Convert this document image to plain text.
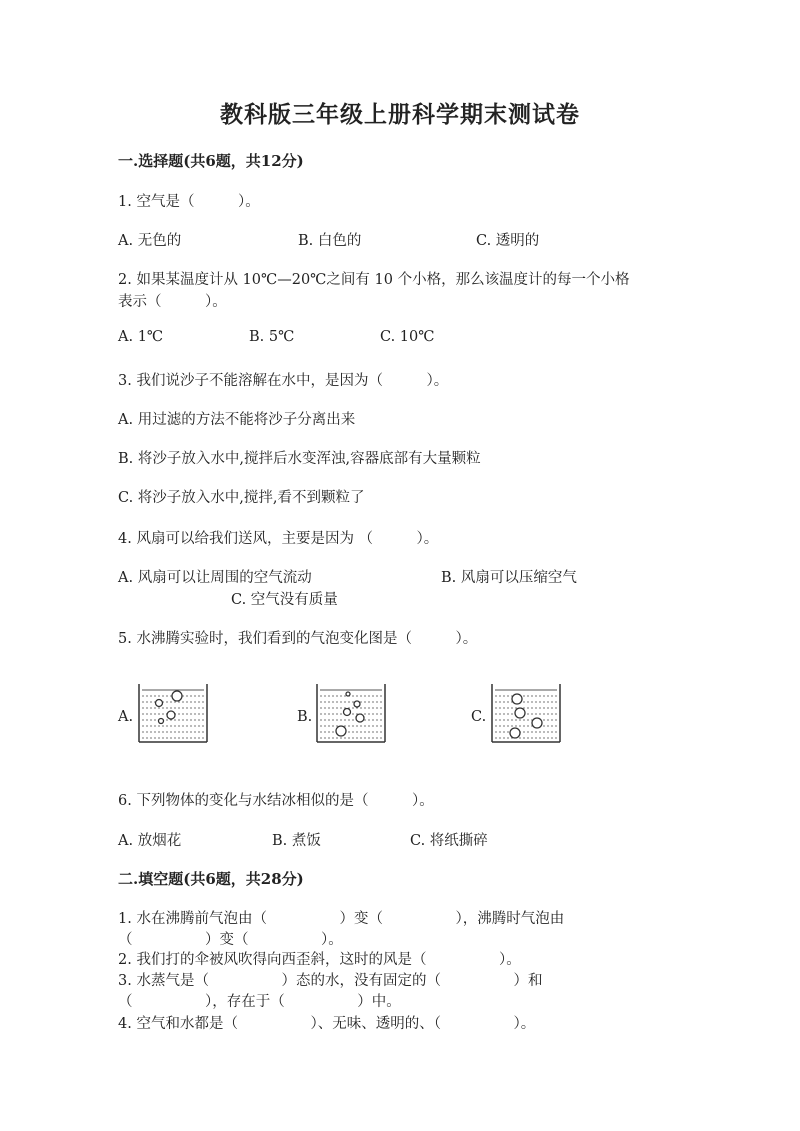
教科版三年级上册科学期末测试卷
一.选择题(共6题，共12分)
1. 空气是（　　　）。
A. 无色的	B. 白色的	C. 透明的
2. 如果某温度计从 10℃—20℃之间有 10 个小格，那么该温度计的每一个小格
表示（　　　）。
A. 1℃	B. 5℃	C. 10℃
3. 我们说沙子不能溶解在水中，是因为（　　　）。
A. 用过滤的方法不能将沙子分离出来
B. 将沙子放入水中,搅拌后水变浑浊,容器底部有大量颗粒
C. 将沙子放入水中,搅拌,看不到颗粒了
4. 风扇可以给我们送风，主要是因为 （　　　）。
A. 风扇可以让周围的空气流动	B. 风扇可以压缩空气
C. 空气没有质量
5. 水沸腾实验时，我们看到的气泡变化图是（　　　）。
A.	B.	C.
6. 下列物体的变化与水结冰相似的是（　　　）。
A. 放烟花	B. 煮饭	C. 将纸撕碎
二.填空题(共6题，共28分)
1. 水在沸腾前气泡由（　　　　　）变（　　　　　），沸腾时气泡由
（　　　　　）变（　　　　　）。
2. 我们打的伞被风吹得向西歪斜，这时的风是（　　　　　）。
3. 水蒸气是（　　　　　）态的水，没有固定的（　　　　　）和
（　　　　　），存在于（　　　　　）中。
4. 空气和水都是（　　　　　）、无味、透明的、（　　　　　）。
